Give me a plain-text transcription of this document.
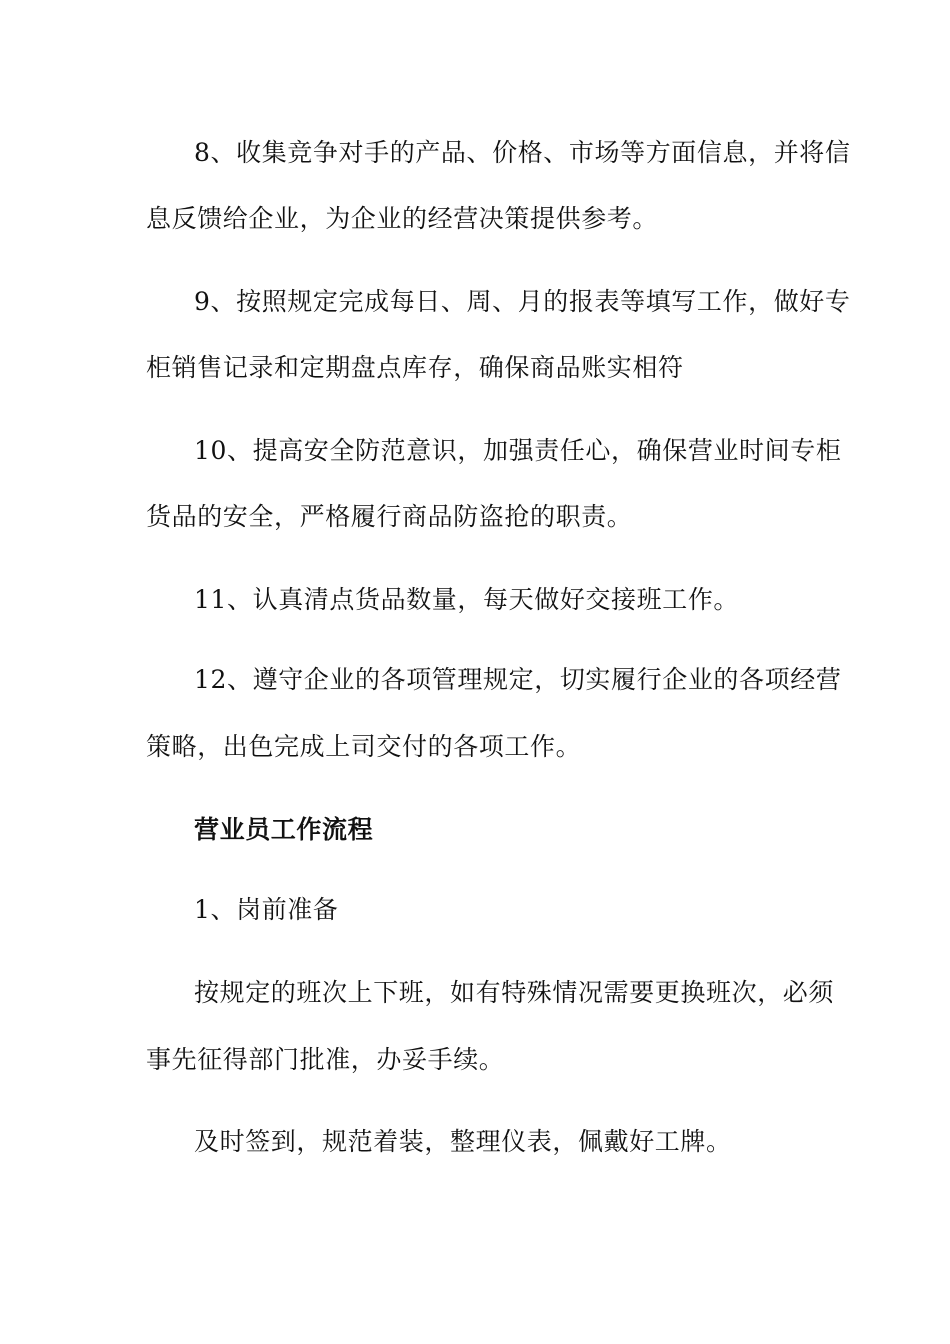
8、收集竞争对手的产品、价格、市场等方面信息，并将信
息反馈给企业，为企业的经营决策提供参考。
9、按照规定完成每日、周、月的报表等填写工作，做好专
柜销售记录和定期盘点库存，确保商品账实相符
10、提高安全防范意识，加强责任心，确保营业时间专柜
货品的安全，严格履行商品防盗抢的职责。
11、认真清点货品数量，每天做好交接班工作。
12、遵守企业的各项管理规定，切实履行企业的各项经营
策略，出色完成上司交付的各项工作。
营业员工作流程
1、岗前准备
按规定的班次上下班，如有特殊情况需要更换班次，必须
事先征得部门批准，办妥手续。
及时签到，规范着装，整理仪表，佩戴好工牌。
